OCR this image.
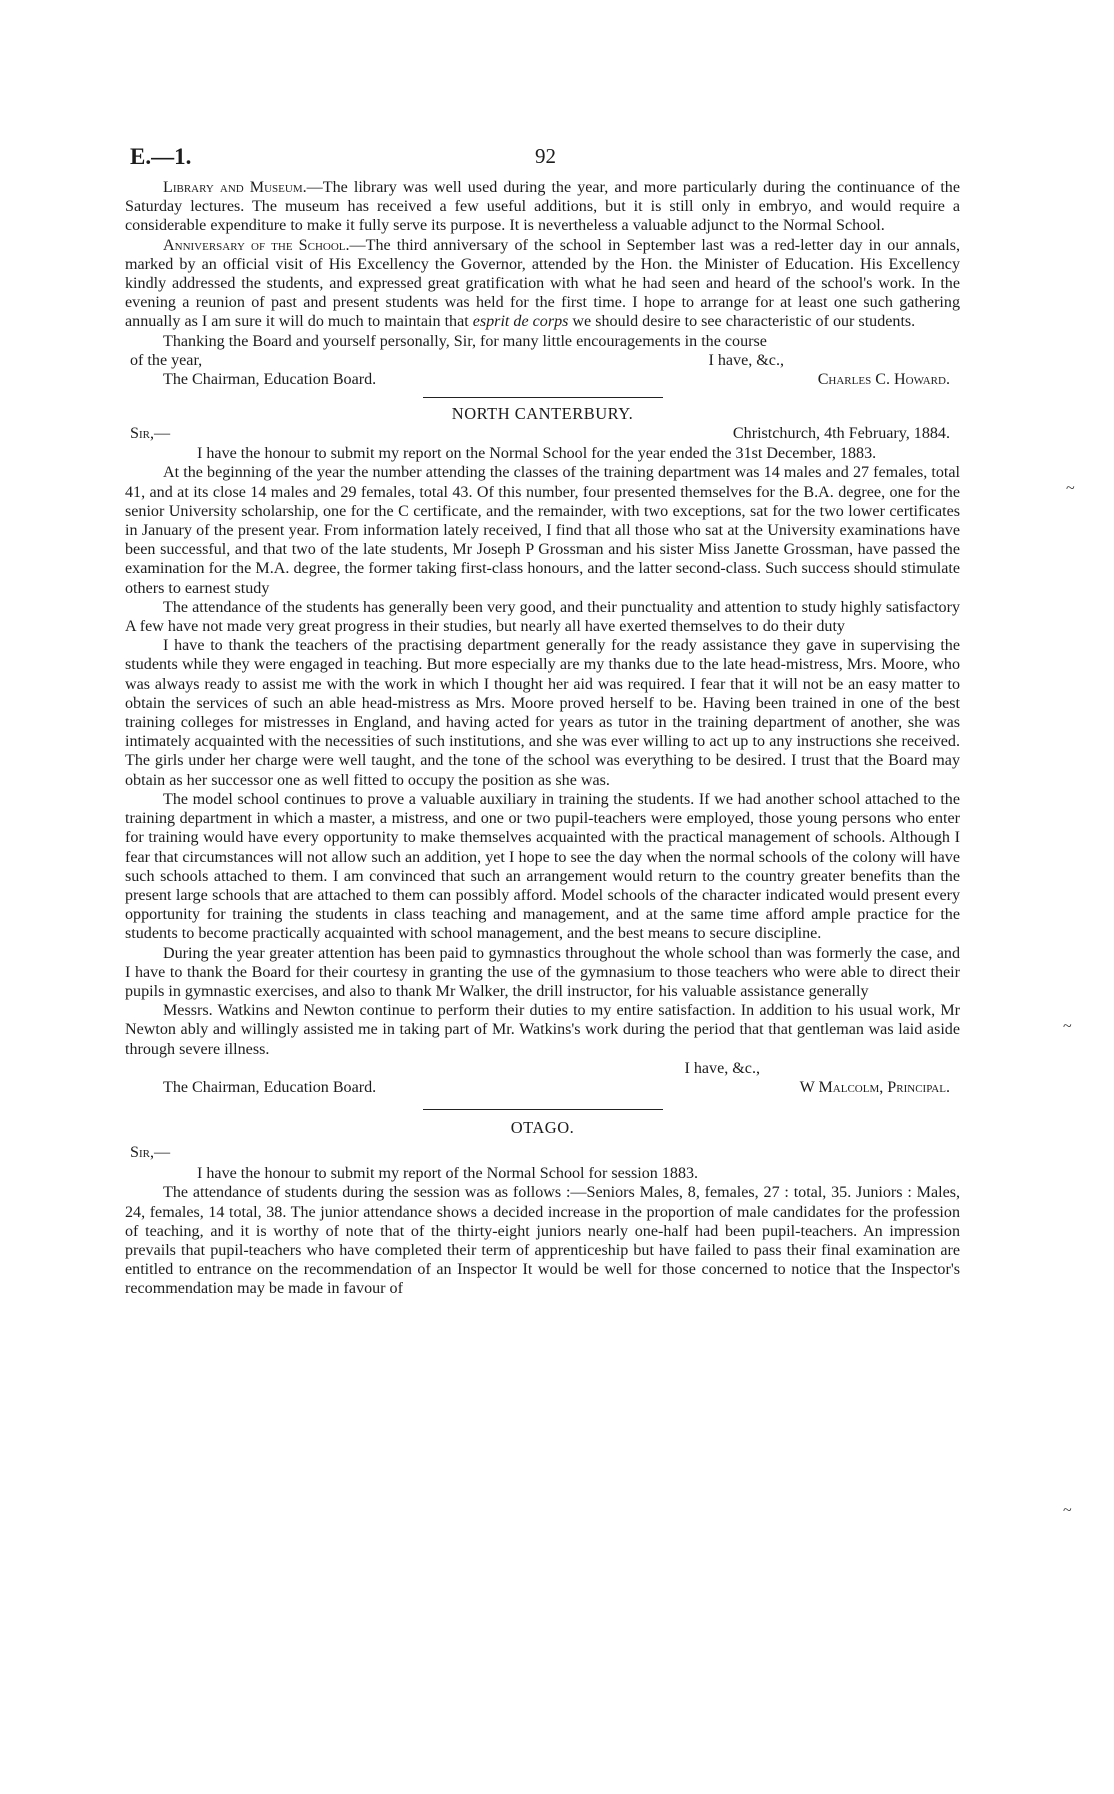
~
~
~
E.—1.	92

Library and Museum.—The library was well used during the year, and more particularly during the continuance of the Saturday lectures. The museum has received a few useful additions, but it is still only in embryo, and would require a considerable expenditure to make it fully serve its purpose. It is nevertheless a valuable adjunct to the Normal School.

Anniversary of the School.—The third anniversary of the school in September last was a red-letter day in our annals, marked by an official visit of His Excellency the Governor, attended by the Hon. the Minister of Education. His Excellency kindly addressed the students, and expressed great gratification with what he had seen and heard of the school's work. In the evening a reunion of past and present students was held for the first time. I hope to arrange for at least one such gathering annually as I am sure it will do much to maintain that esprit de corps we should desire to see characteristic of our students.

Thanking the Board and yourself personally, Sir, for many little encouragements in the course

of the year,	I have, &c.,
The Chairman, Education Board.	Charles C. Howard.
NORTH CANTERBURY.
Sir,—	Christchurch, 4th February, 1884.

I have the honour to submit my report on the Normal School for the year ended the 31st December, 1883.

At the beginning of the year the number attending the classes of the training department was 14 males and 27 females, total 41, and at its close 14 males and 29 females, total 43. Of this number, four presented themselves for the B.A. degree, one for the senior University scholarship, one for the C certificate, and the remainder, with two exceptions, sat for the two lower certificates in January of the present year. From information lately received, I find that all those who sat at the University examinations have been successful, and that two of the late students, Mr Joseph P Grossman and his sister Miss Janette Grossman, have passed the examination for the M.A. degree, the former taking first-class honours, and the latter second-class. Such success should stimulate others to earnest study

The attendance of the students has generally been very good, and their punctuality and attention to study highly satisfactory A few have not made very great progress in their studies, but nearly all have exerted themselves to do their duty

I have to thank the teachers of the practising department generally for the ready assistance they gave in supervising the students while they were engaged in teaching. But more especially are my thanks due to the late head-mistress, Mrs. Moore, who was always ready to assist me with the work in which I thought her aid was required. I fear that it will not be an easy matter to obtain the services of such an able head-mistress as Mrs. Moore proved herself to be. Having been trained in one of the best training colleges for mistresses in England, and having acted for years as tutor in the training department of another, she was intimately acquainted with the necessities of such institutions, and she was ever willing to act up to any instructions she received. The girls under her charge were well taught, and the tone of the school was everything to be desired. I trust that the Board may obtain as her successor one as well fitted to occupy the position as she was.

The model school continues to prove a valuable auxiliary in training the students. If we had another school attached to the training department in which a master, a mistress, and one or two pupil-teachers were employed, those young persons who enter for training would have every opportunity to make themselves acquainted with the practical management of schools. Although I fear that circumstances will not allow such an addition, yet I hope to see the day when the normal schools of the colony will have such schools attached to them. I am convinced that such an arrangement would return to the country greater benefits than the present large schools that are attached to them can possibly afford. Model schools of the character indicated would present every opportunity for training the students in class teaching and management, and at the same time afford ample practice for the students to become practically acquainted with school management, and the best means to secure discipline.

During the year greater attention has been paid to gymnastics throughout the whole school than was formerly the case, and I have to thank the Board for their courtesy in granting the use of the gymnasium to those teachers who were able to direct their pupils in gymnastic exercises, and also to thank Mr Walker, the drill instructor, for his valuable assistance generally

Messrs. Watkins and Newton continue to perform their duties to my entire satisfaction. In addition to his usual work, Mr Newton ably and willingly assisted me in taking part of Mr. Watkins's work during the period that that gentleman was laid aside through severe illness.

I have, &c.,
The Chairman, Education Board.	W Malcolm, Principal.
OTAGO.
Sir,—

I have the honour to submit my report of the Normal School for session 1883.

The attendance of students during the session was as follows :—Seniors Males, 8, females, 27 : total, 35. Juniors : Males, 24, females, 14 total, 38. The junior attendance shows a decided increase in the proportion of male candidates for the profession of teaching, and it is worthy of note that of the thirty-eight juniors nearly one-half had been pupil-teachers. An impression prevails that pupil-teachers who have completed their term of apprenticeship but have failed to pass their final examination are entitled to entrance on the recommendation of an Inspector It would be well for those concerned to notice that the Inspector's recommendation may be made in favour of
